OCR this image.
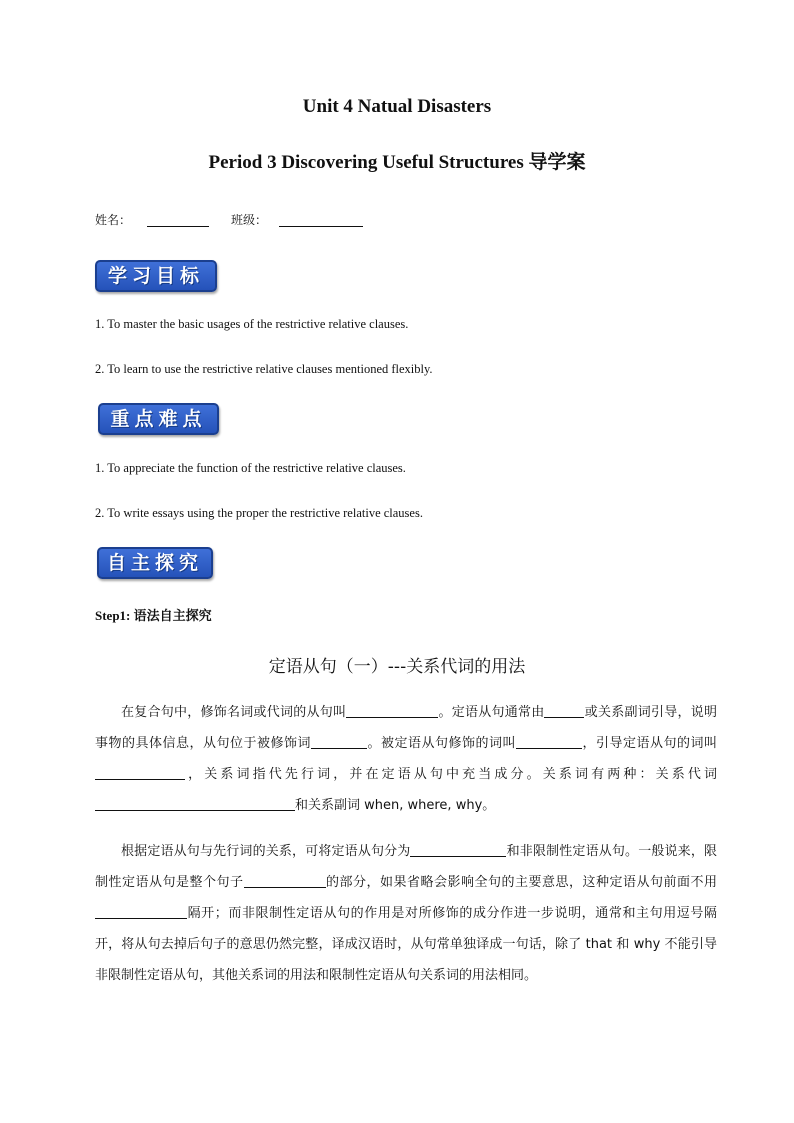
Unit 4 Natual Disasters
Period 3 Discovering Useful Structures 导学案
姓名：	班级：
学习目标
1. To master the basic usages of the restrictive relative clauses.
2. To learn to use the restrictive relative clauses mentioned flexibly.
重点难点
1. To appreciate the function of the restrictive relative clauses.
2. To write essays using the proper the restrictive relative clauses.
自主探究
Step1: 语法自主探究
定语从句（一）---关系代词的用法
在复合句中，修饰名词或代词的从句叫	。定语从句通常由	或关系副词引导，说明事物的具体信息，从句位于被修饰词	。被定语从句修饰的词叫	，引导定语从句的词叫，关系词指代先行词，并在定语从句中充当成分。关系词有两种：关系代词和关系副词 when, where, why。
根据定语从句与先行词的关系，可将定语从句分为	和非限制性定语从句。一般说来，限制性定语从句是整个句子	的部分，如果省略会影响全句的主要意思，这种定语从句前面不用隔开；而非限制性定语从句的作用是对所修饰的成分作进一步说明，通常和主句用逗号隔开，将从句去掉后句子的意思仍然完整，译成汉语时，从句常单独译成一句话，除了 that 和 why 不能引导非限制性定语从句，其他关系词的用法和限制性定语从句关系词的用法相同。
